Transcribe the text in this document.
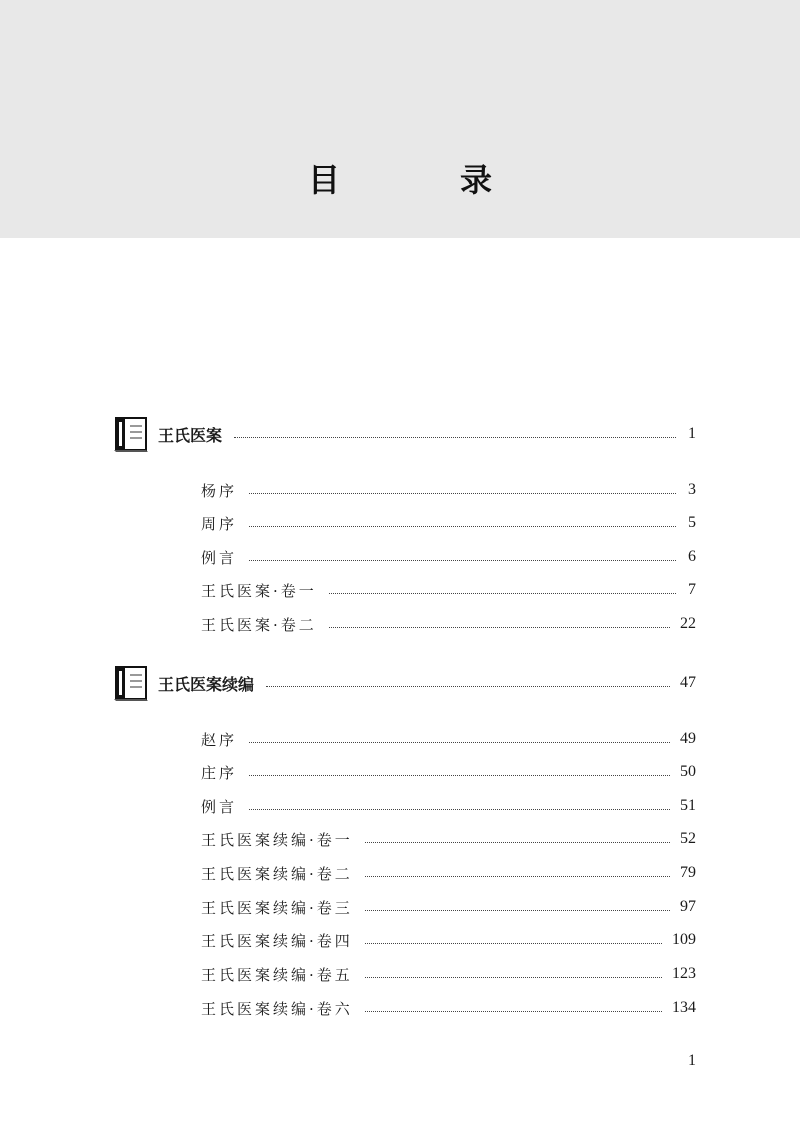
目　录
王氏医案	1
杨序	3
周序	5
例言	6
王氏医案·卷一	7
王氏医案·卷二	22
王氏医案续编	47
赵序	49
庄序	50
例言	51
王氏医案续编·卷一	52
王氏医案续编·卷二	79
王氏医案续编·卷三	97
王氏医案续编·卷四	109
王氏医案续编·卷五	123
王氏医案续编·卷六	134
1
